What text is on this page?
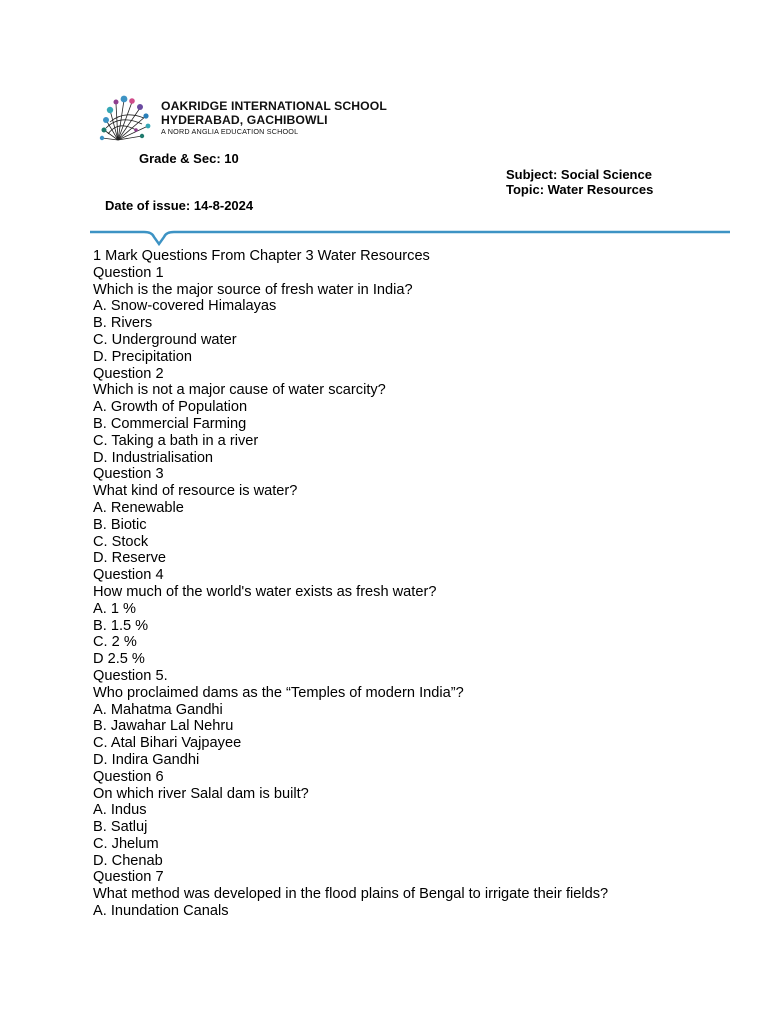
OAKRIDGE INTERNATIONAL SCHOOL
HYDERABAD, GACHIBOWLI
A NORD ANGLIA EDUCATION SCHOOL
Grade & Sec: 10
Subject: Social Science
Topic: Water Resources
Date of issue: 14-8-2024
1 Mark Questions From Chapter 3 Water Resources
Question 1
Which is the major source of fresh water in India?
A. Snow-covered Himalayas
B. Rivers
C. Underground water
D. Precipitation
Question 2
Which is not a major cause of water scarcity?
A. Growth of Population
B. Commercial Farming
C. Taking a bath in a river
D. Industrialisation
Question 3
What kind of resource is water?
A. Renewable
B. Biotic
C. Stock
D. Reserve
Question 4
How much of the world's water exists as fresh water?
A. 1 %
B. 1.5 %
C. 2 %
D 2.5 %
Question 5.
Who proclaimed dams as the “Temples of modern India”?
A. Mahatma Gandhi
B. Jawahar Lal Nehru
C. Atal Bihari Vajpayee
D. Indira Gandhi
Question 6
On which river Salal dam is built?
A. Indus
B. Satluj
C. Jhelum
D. Chenab
Question 7
What method was developed in the flood plains of Bengal to irrigate their fields?
A. Inundation Canals
